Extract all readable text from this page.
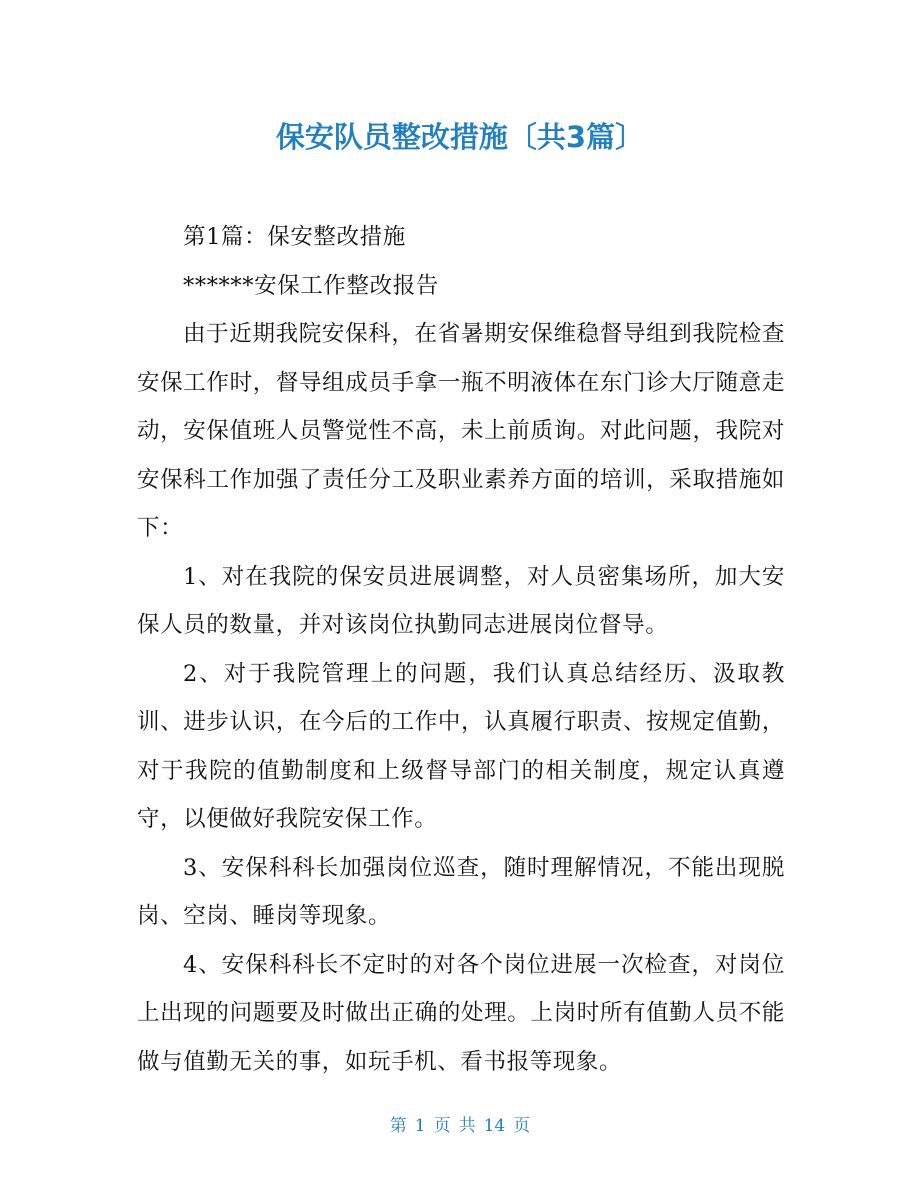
保安队员整改措施〔共3篇〕

第1篇：保安整改措施

******安保工作整改报告

由于近期我院安保科，在省暑期安保维稳督导组到我院检查安保工作时，督导组成员手拿一瓶不明液体在东门诊大厅随意走动，安保值班人员警觉性不高，未上前质询。对此问题，我院对安保科工作加强了责任分工及职业素养方面的培训，采取措施如下：

1、对在我院的保安员进展调整，对人员密集场所，加大安保人员的数量，并对该岗位执勤同志进展岗位督导。

2、对于我院管理上的问题，我们认真总结经历、汲取教训、进步认识，在今后的工作中，认真履行职责、按规定值勤，对于我院的值勤制度和上级督导部门的相关制度，规定认真遵守，以便做好我院安保工作。

3、安保科科长加强岗位巡查，随时理解情况，不能出现脱岗、空岗、睡岗等现象。

4、安保科科长不定时的对各个岗位进展一次检查，对岗位上出现的问题要及时做出正确的处理。上岗时所有值勤人员不能做与值勤无关的事，如玩手机、看书报等现象。

第 1 页 共 14 页
